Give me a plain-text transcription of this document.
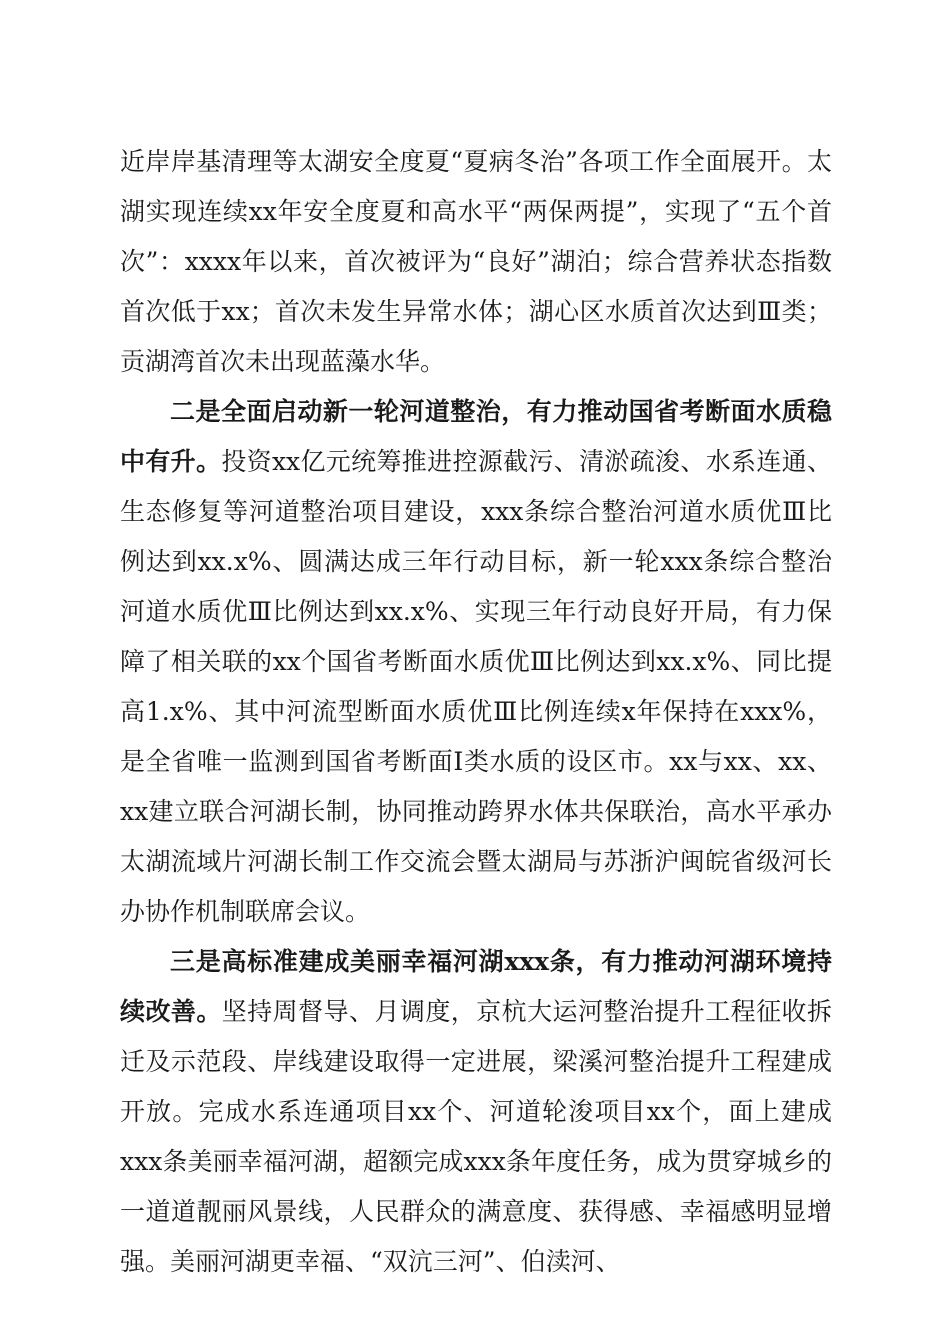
近岸岸基清理等太湖安全度夏“夏病冬治”各项工作全面展开。太湖实现连续xx年安全度夏和高水平“两保两提”，实现了“五个首次”：xxxx年以来，首次被评为“良好”湖泊；综合营养状态指数首次低于xx；首次未发生异常水体；湖心区水质首次达到Ⅲ类；贡湖湾首次未出现蓝藻水华。

二是全面启动新一轮河道整治，有力推动国省考断面水质稳中有升。投资xx亿元统筹推进控源截污、清淤疏浚、水系连通、生态修复等河道整治项目建设，xxx条综合整治河道水质优Ⅲ比例达到xx.x%、圆满达成三年行动目标，新一轮xxx条综合整治河道水质优Ⅲ比例达到xx.x%、实现三年行动良好开局，有力保障了相关联的xx个国省考断面水质优Ⅲ比例达到xx.x%、同比提高1.x%、其中河流型断面水质优Ⅲ比例连续x年保持在xxx%，是全省唯一监测到国省考断面Ⅰ类水质的设区市。xx与xx、xx、xx建立联合河湖长制，协同推动跨界水体共保联治，高水平承办太湖流域片河湖长制工作交流会暨太湖局与苏浙沪闽皖省级河长办协作机制联席会议。

三是高标准建成美丽幸福河湖xxx条，有力推动河湖环境持续改善。坚持周督导、月调度，京杭大运河整治提升工程征收拆迁及示范段、岸线建设取得一定进展，梁溪河整治提升工程建成开放。完成水系连通项目xx个、河道轮浚项目xx个，面上建成xxx条美丽幸福河湖，超额完成xxx条年度任务，成为贯穿城乡的一道道靓丽风景线，人民群众的满意度、获得感、幸福感明显增强。美丽河湖更幸福、“双沆三河”、伯渎河、
